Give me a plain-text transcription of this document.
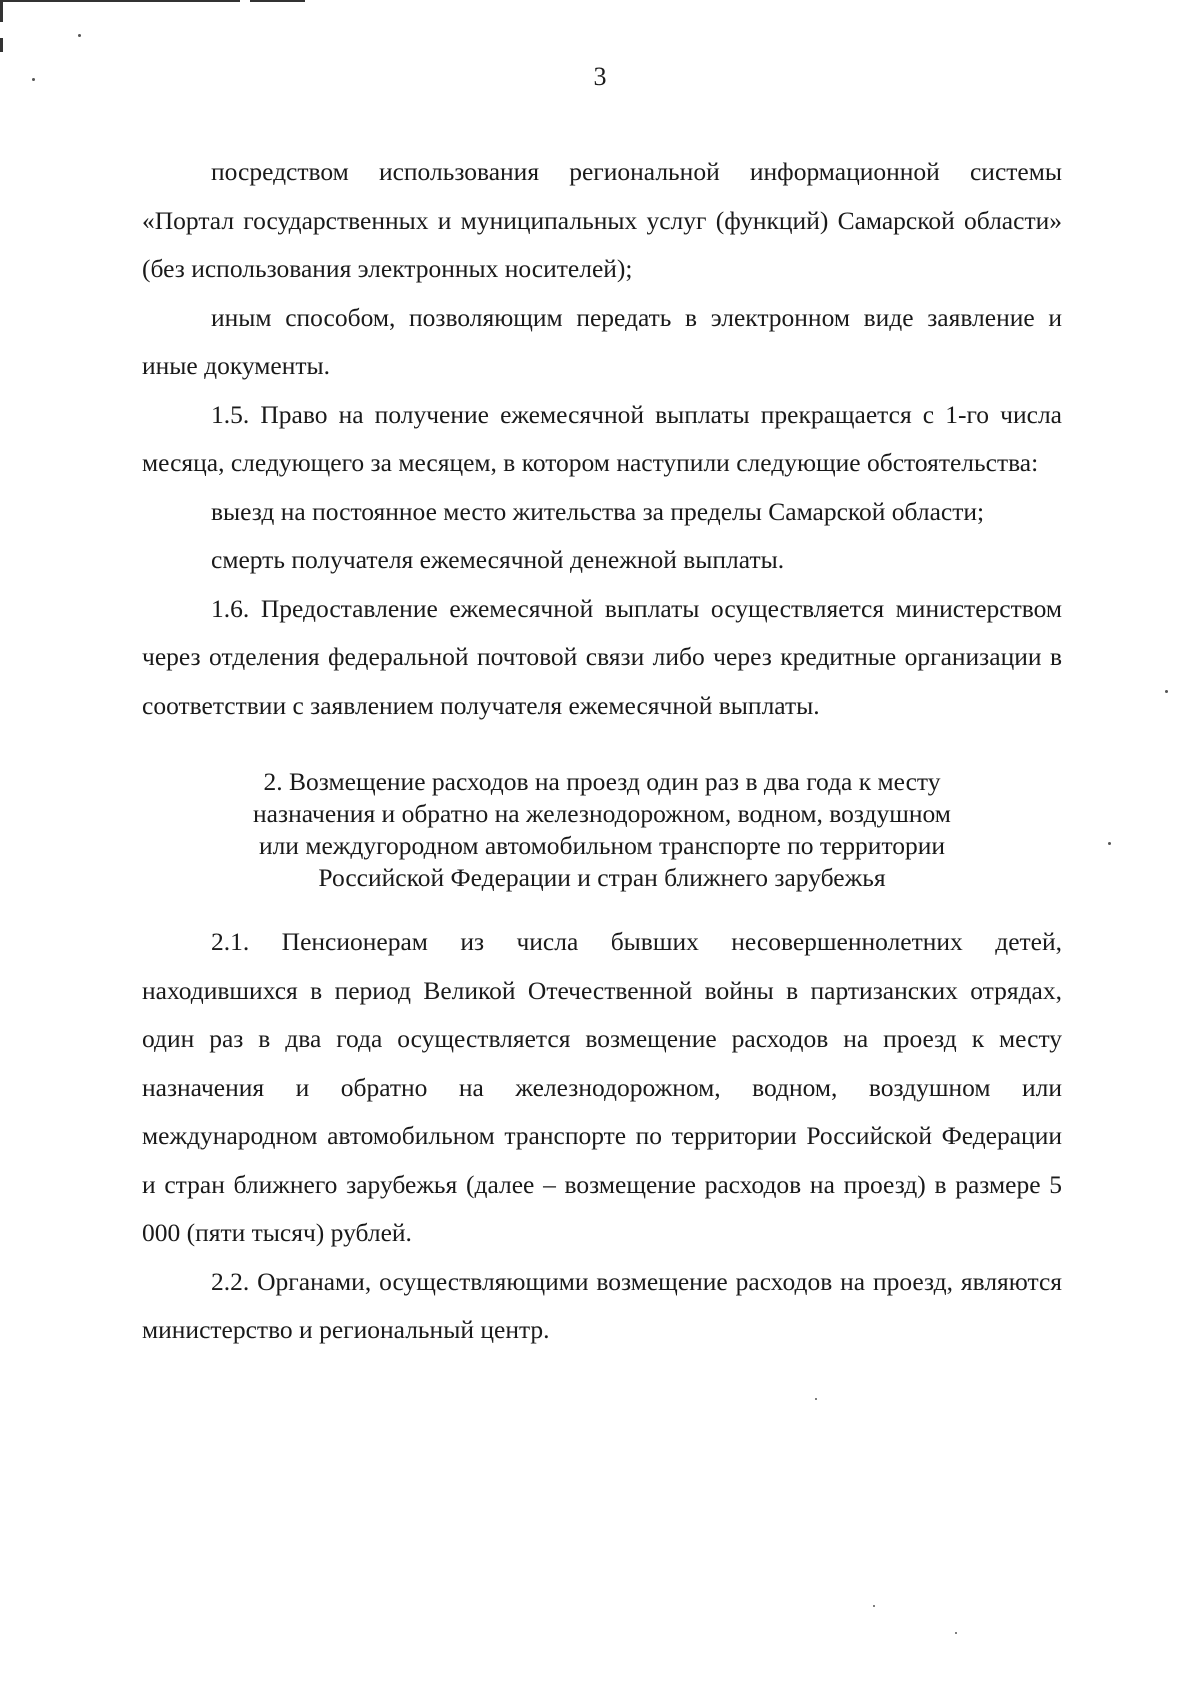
3

посредством использования региональной информационной системы «Портал государственных и муниципальных услуг (функций) Самарской области» (без использования электронных носителей);

иным способом, позволяющим передать в электронном виде заявление и иные документы.

1.5. Право на получение ежемесячной выплаты прекращается с 1-го числа месяца, следующего за месяцем, в котором наступили следующие обстоятельства:

выезд на постоянное место жительства за пределы Самарской области;

смерть получателя ежемесячной денежной выплаты.

1.6. Предоставление ежемесячной выплаты осуществляется министерством через отделения федеральной почтовой связи либо через кредитные организации в соответствии с заявлением получателя ежемесячной выплаты.

2. Возмещение расходов на проезд один раз в два года к месту
назначения и обратно на железнодорожном, водном, воздушном
или междугородном автомобильном транспорте по территории
Российской Федерации и стран ближнего зарубежья

2.1. Пенсионерам из числа бывших несовершеннолетних детей, находившихся в период Великой Отечественной войны в партизанских отрядах, один раз в два года осуществляется возмещение расходов на проезд к месту назначения и обратно на железнодорожном, водном, воздушном или международном автомобильном транспорте по территории Российской Федерации и стран ближнего зарубежья (далее – возмещение расходов на проезд) в размере 5 000 (пяти тысяч) рублей.

2.2. Органами, осуществляющими возмещение расходов на проезд, являются министерство и региональный центр.
